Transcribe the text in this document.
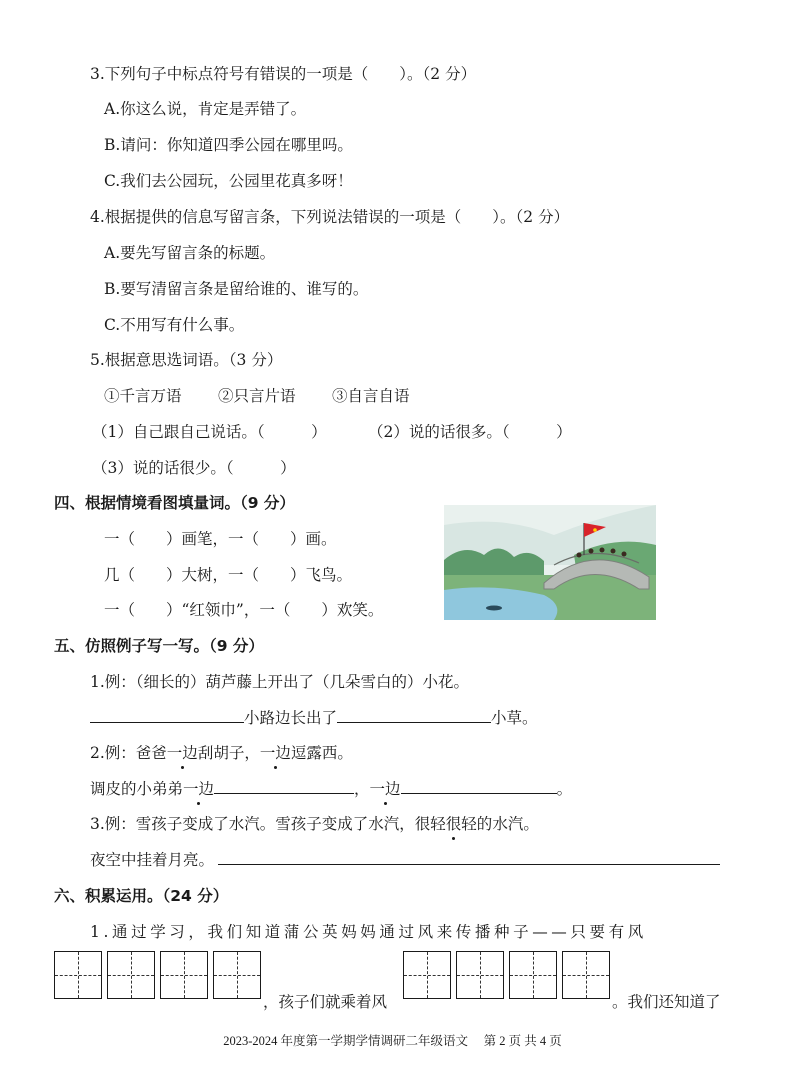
3.下列句子中标点符号有错误的一项是（　　）。（2 分）
A.你这么说，肯定是弄错了。
B.请问：你知道四季公园在哪里吗。
C.我们去公园玩，公园里花真多呀！
4.根据提供的信息写留言条，下列说法错误的一项是（　　）。（2 分）
A.要先写留言条的标题。
B.要写清留言条是留给谁的、谁写的。
C.不用写有什么事。
5.根据意思选词语。（3 分）
①千言万语 ②只言片语 ③自言自语
（1）自己跟自己说话。（　　　）	（2）说的话很多。（　　　）
（3）说的话很少。（　　　）
四、根据情境看图填量词。（9 分）
一（　　）画笔，一（　　）画。
几（　　）大树，一（　　）飞鸟。
一（　　）“红领巾”，一（　　）欢笑。
五、仿照例子写一写。（9 分）
1.例：（细长的）葫芦藤上开出了（几朵雪白的）小花。
小路边长出了	小草。
2.例：爸爸一边刮胡子，一边逗露西。
调皮的小弟弟一边	，一边	。
3.例：雪孩子变成了水汽。雪孩子变成了水汽，很轻很轻的水汽。
夜空中挂着月亮。
六、积累运用。（24 分）
1.通过学习，我们知道蒲公英妈妈通过风来传播种子——只要有风
，孩子们就乘着风	。我们还知道了
2023-2024 年度第一学期学情调研二年级语文　 第 2 页 共 4 页
